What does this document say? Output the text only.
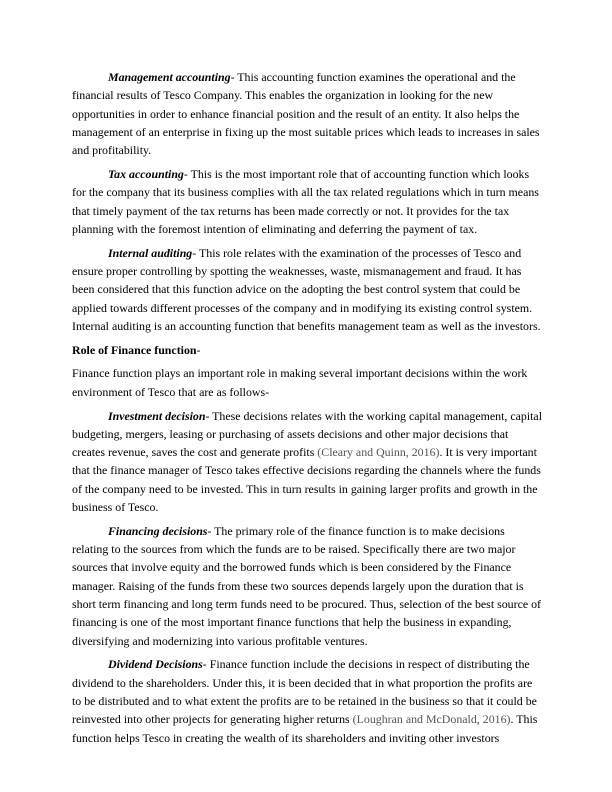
Management accounting- This accounting function examines the operational and the financial results of Tesco Company. This enables the organization in looking for the new opportunities in order to enhance financial position and the result of an entity. It also helps the management of an enterprise in fixing up the most suitable prices which leads to increases in sales and profitability.

Tax accounting- This is the most important role that of accounting function which looks for the company that its business complies with all the tax related regulations which in turn means that timely payment of the tax returns has been made correctly or not. It provides for the tax planning with the foremost intention of eliminating and deferring the payment of tax.

Internal auditing- This role relates with the examination of the processes of Tesco and ensure proper controlling by spotting the weaknesses, waste, mismanagement and fraud. It has been considered that this function advice on the adopting the best control system that could be applied towards different processes of the company and in modifying its existing control system. Internal auditing is an accounting function that benefits management team as well as the investors.

Role of Finance function-

Finance function plays an important role in making several important decisions within the work environment of Tesco that are as follows-

Investment decision- These decisions relates with the working capital management, capital budgeting, mergers, leasing or purchasing of assets decisions and other major decisions that creates revenue, saves the cost and generate profits (Cleary and Quinn, 2016). It is very important that the finance manager of Tesco takes effective decisions regarding the channels where the funds of the company need to be invested. This in turn results in gaining larger profits and growth in the business of Tesco.

Financing decisions- The primary role of the finance function is to make decisions relating to the sources from which the funds are to be raised. Specifically there are two major sources that involve equity and the borrowed funds which is been considered by the Finance manager. Raising of the funds from these two sources depends largely upon the duration that is short term financing and long term funds need to be procured. Thus, selection of the best source of financing is one of the most important finance functions that help the business in expanding, diversifying and modernizing into various profitable ventures.

Dividend Decisions- Finance function include the decisions in respect of distributing the dividend to the shareholders. Under this, it is been decided that in what proportion the profits are to be distributed and to what extent the profits are to be retained in the business so that it could be reinvested into other projects for generating higher returns (Loughran and McDonald, 2016). This function helps Tesco in creating the wealth of its shareholders and inviting other investors
